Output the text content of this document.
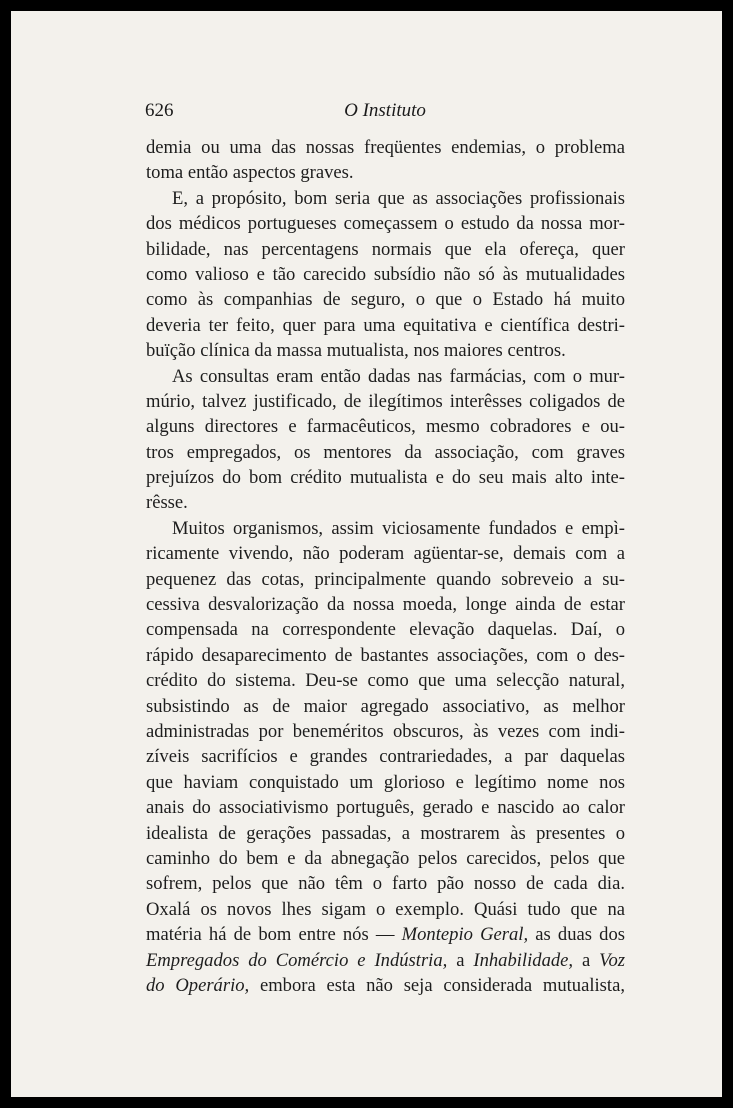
626	O Instituto
demia ou uma das nossas freqüentes endemias, o problema
toma então aspectos graves.
E, a propósito, bom seria que as associações profissionais
dos médicos portugueses começassem o estudo da nossa mor-
bilidade, nas percentagens normais que ela ofereça, quer
como valioso e tão carecido subsídio não só às mutualidades
como às companhias de seguro, o que o Estado há muito
deveria ter feito, quer para uma equitativa e científica destri-
buïção clínica da massa mutualista, nos maiores centros.
As consultas eram então dadas nas farmácias, com o mur-
múrio, talvez justificado, de ilegítimos interêsses coligados de
alguns directores e farmacêuticos, mesmo cobradores e ou-
tros empregados, os mentores da associação, com graves
prejuízos do bom crédito mutualista e do seu mais alto inte-
rêsse.
Muitos organismos, assim viciosamente fundados e empì-
ricamente vivendo, não poderam agüentar-se, demais com a
pequenez das cotas, principalmente quando sobreveio a su-
cessiva desvalorização da nossa moeda, longe ainda de estar
compensada na correspondente elevação daquelas. Daí, o
rápido desaparecimento de bastantes associações, com o des-
crédito do sistema. Deu-se como que uma selecção natural,
subsistindo as de maior agregado associativo, as melhor
administradas por beneméritos obscuros, às vezes com indi-
zíveis sacrifícios e grandes contrariedades, a par daquelas
que haviam conquistado um glorioso e legítimo nome nos
anais do associativismo português, gerado e nascido ao calor
idealista de gerações passadas, a mostrarem às presentes o
caminho do bem e da abnegação pelos carecidos, pelos que
sofrem, pelos que não têm o farto pão nosso de cada dia.
Oxalá os novos lhes sigam o exemplo. Quási tudo que na
matéria há de bom entre nós — Montepio Geral, as duas dos
Empregados do Comércio e Indústria, a Inhabilidade, a Voz
do Operário, embora esta não seja considerada mutualista,
